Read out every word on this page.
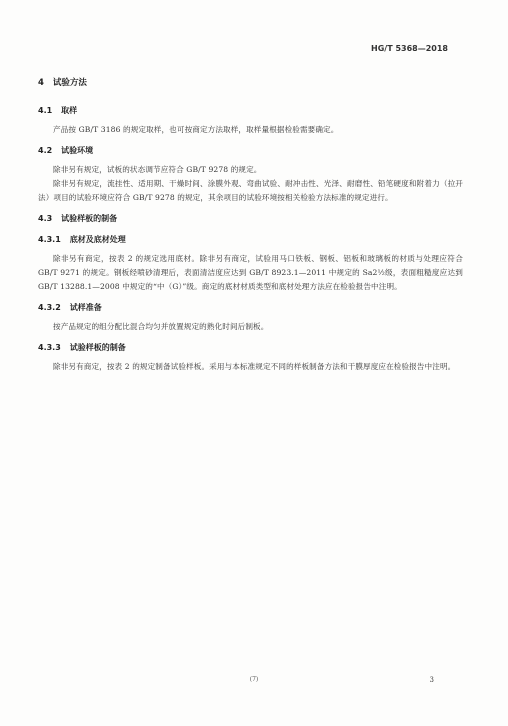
HG/T 5368—2018
4 试验方法
4.1 取样

产品按 GB/T 3186 的规定取样，也可按商定方法取样，取样量根据检验需要确定。

4.2 试验环境

除非另有规定，试板的状态调节应符合 GB/T 9278 的规定。

除非另有规定，流挂性、适用期、干燥时间、涂膜外观、弯曲试验、耐冲击性、光泽、耐磨性、铅笔硬度和附着力（拉开法）项目的试验环境应符合 GB/T 9278 的规定，其余项目的试验环境按相关检验方法标准的规定进行。

4.3 试验样板的制备
4.3.1 底材及底材处理

除非另有商定，按表 2 的规定选用底材。除非另有商定，试验用马口铁板、钢板、铝板和玻璃板的材质与处理应符合 GB/T 9271 的规定。钢板经喷砂清理后，表面清洁度应达到 GB/T 8923.1—2011 中规定的 Sa2½级，表面粗糙度应达到 GB/T 13288.1—2008 中规定的“中（G）”级。商定的底材材质类型和底材处理方法应在检验报告中注明。

4.3.2 试样准备

按产品规定的组分配比混合均匀并放置规定的熟化时间后制板。

4.3.3 试验样板的制备

除非另有商定，按表 2 的规定制备试验样板。采用与本标准规定不同的样板制备方法和干膜厚度应在检验报告中注明。

(7)	3
